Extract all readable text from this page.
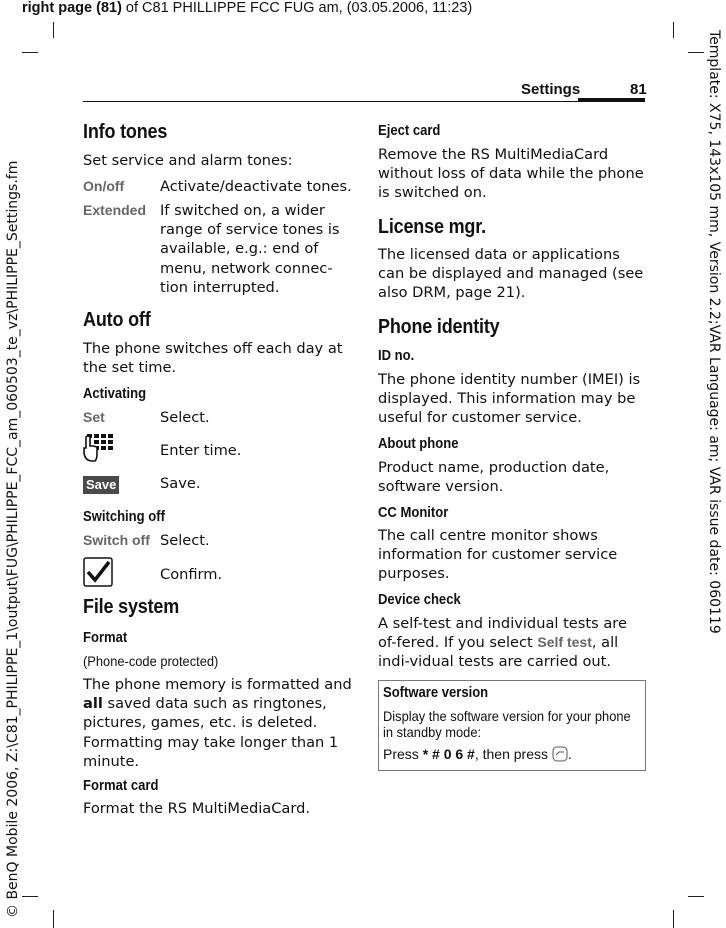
right page (81) of C81 PHILLIPPE FCC FUG am, (03.05.2006, 11:23)
© BenQ Mobile 2006, Z:\C81_PHILIPPE_1\output\FUG\PHILIPPE_FCC_am_060503_te_vz\PHILIPPE_Settings.fm	Template: X75, 143x105 mm, Version 2.2;VAR Language: am; VAR issue date: 060119
Settings	81
Info tones
Set service and alarm tones:
On/off	Activate/deactivate tones.
Extended If switched on, a wider range of service tones is available, e.g.: end of menu, network connec-tion interrupted.
Auto off
The phone switches off each day at the set time.
Activating
Set	Select.
Enter time.
Save	Save.
Switching off
Switch off Select.
Confirm.
File system
Format
(Phone-code protected)
The phone memory is formatted and all saved data such as ringtones, pictures, games, etc. is deleted. Formatting may take longer than 1 minute.
Format card
Format the RS MultiMediaCard.
Eject card
Remove the RS MultiMediaCard without loss of data while the phone is switched on.
License mgr.
The licensed data or applications can be displayed and managed (see also DRM, page 21).
Phone identity
ID no.
The phone identity number (IMEI) is displayed. This information may be useful for customer service.
About phone
Product name, production date, software version.
CC Monitor
The call centre monitor shows information for customer service purposes.
Device check
A self-test and individual tests are of-fered. If you select Self test, all indi-vidual tests are carried out.
Software version
Display the software version for your phone in standby mode:
Press * # 0 6 #, then press .
